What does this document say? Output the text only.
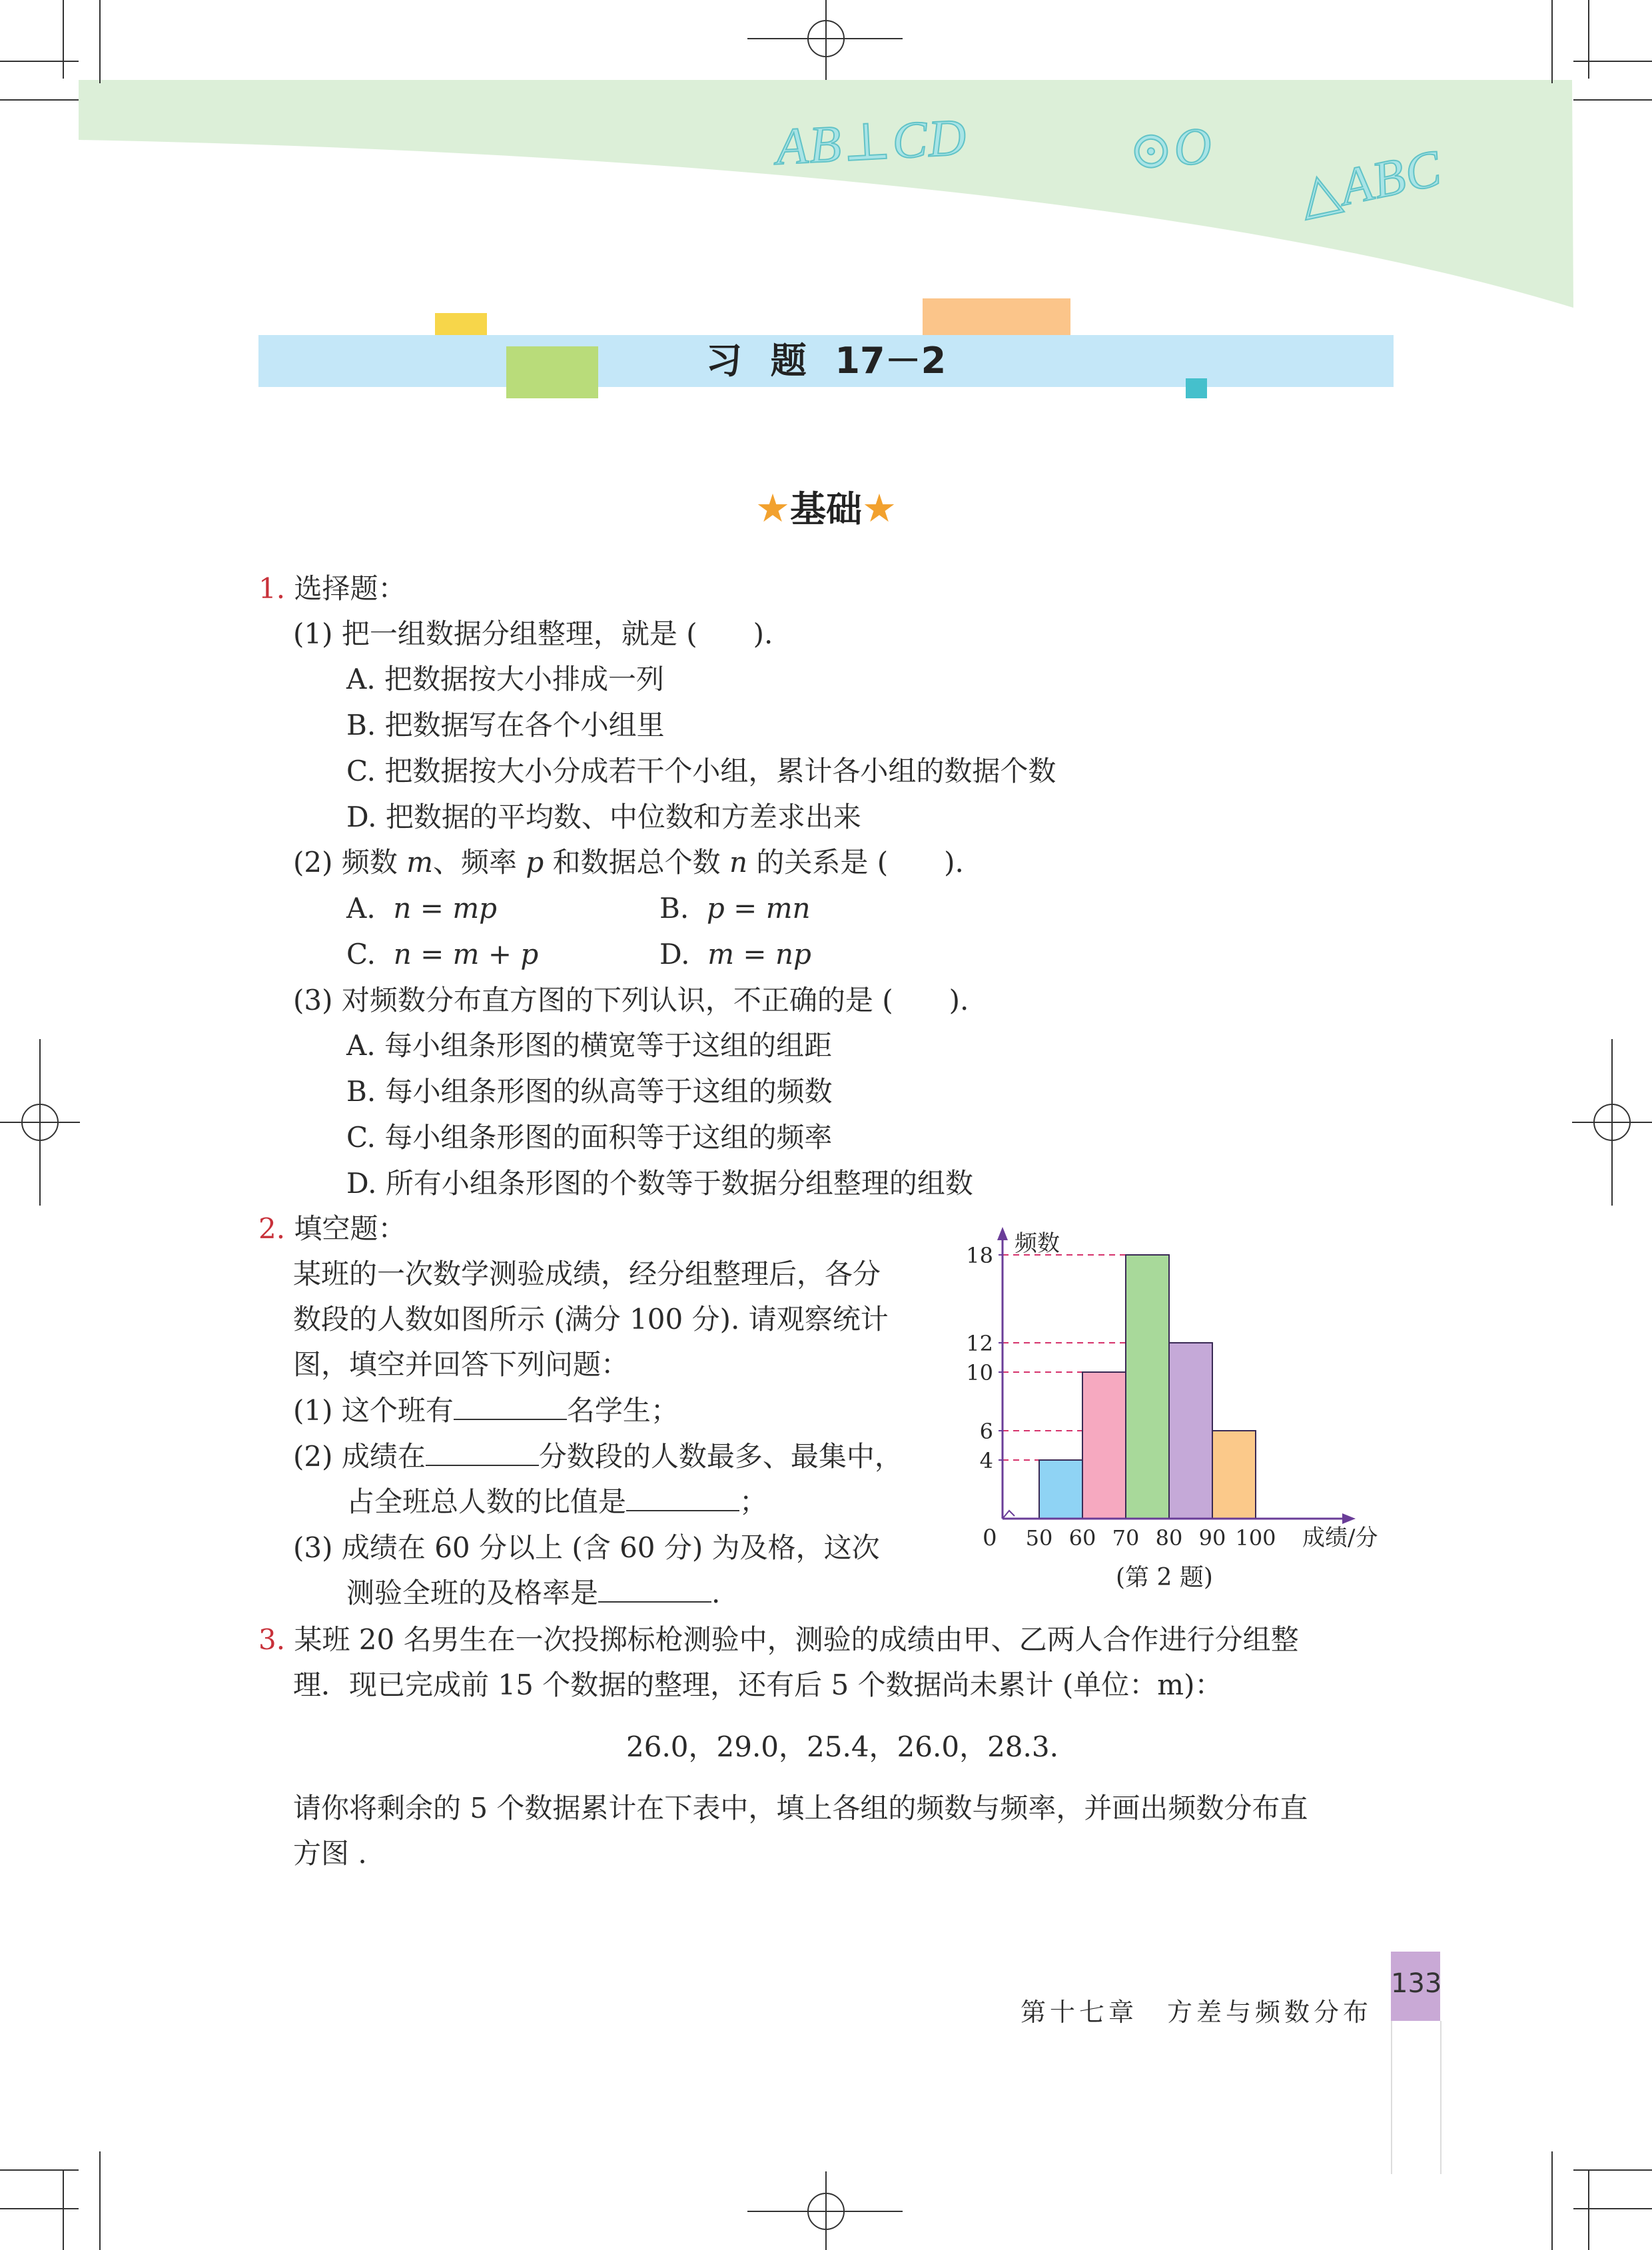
AB⊥CD	⊙O △ABC
习 题 17－2
★基础★
1. 选择题：
(1) 把一组数据分组整理，就是 (　　).
A. 把数据按大小排成一列
B. 把数据写在各个小组里
C. 把数据按大小分成若干个小组，累计各小组的数据个数
D. 把数据的平均数、中位数和方差求出来
(2) 频数 m、频率 p 和数据总个数 n 的关系是 (　　).
A. n = mp	B. p = mn
C. n = m + p	D. m = np
(3) 对频数分布直方图的下列认识，不正确的是 (　　).
A. 每小组条形图的横宽等于这组的组距
B. 每小组条形图的纵高等于这组的频数
C. 每小组条形图的面积等于这组的频率
D. 所有小组条形图的个数等于数据分组整理的组数
2. 填空题：
某班的一次数学测验成绩，经分组整理后，各分
数段的人数如图所示 (满分 100 分). 请观察统计
图，填空并回答下列问题：
(1) 这个班有	名学生；
(2) 成绩在	分数段的人数最多、最集中，
占全班总人数的比值是	；
(3) 成绩在 60 分以上 (含 60 分) 为及格，这次
测验全班的及格率是	.
4
6
10
12
18
50 60 70 80 90 100
频数
成绩/分
0
(第 2 题)
3. 某班 20 名男生在一次投掷标枪测验中，测验的成绩由甲、乙两人合作进行分组整
理．现已完成前 15 个数据的整理，还有后 5 个数据尚未累计 (单位：m)：
26.0，29.0，25.4，26.0，28.3.
请你将剩余的 5 个数据累计在下表中，填上各组的频数与频率，并画出频数分布直
方图 .
第十七章　方差与频数分布
133
